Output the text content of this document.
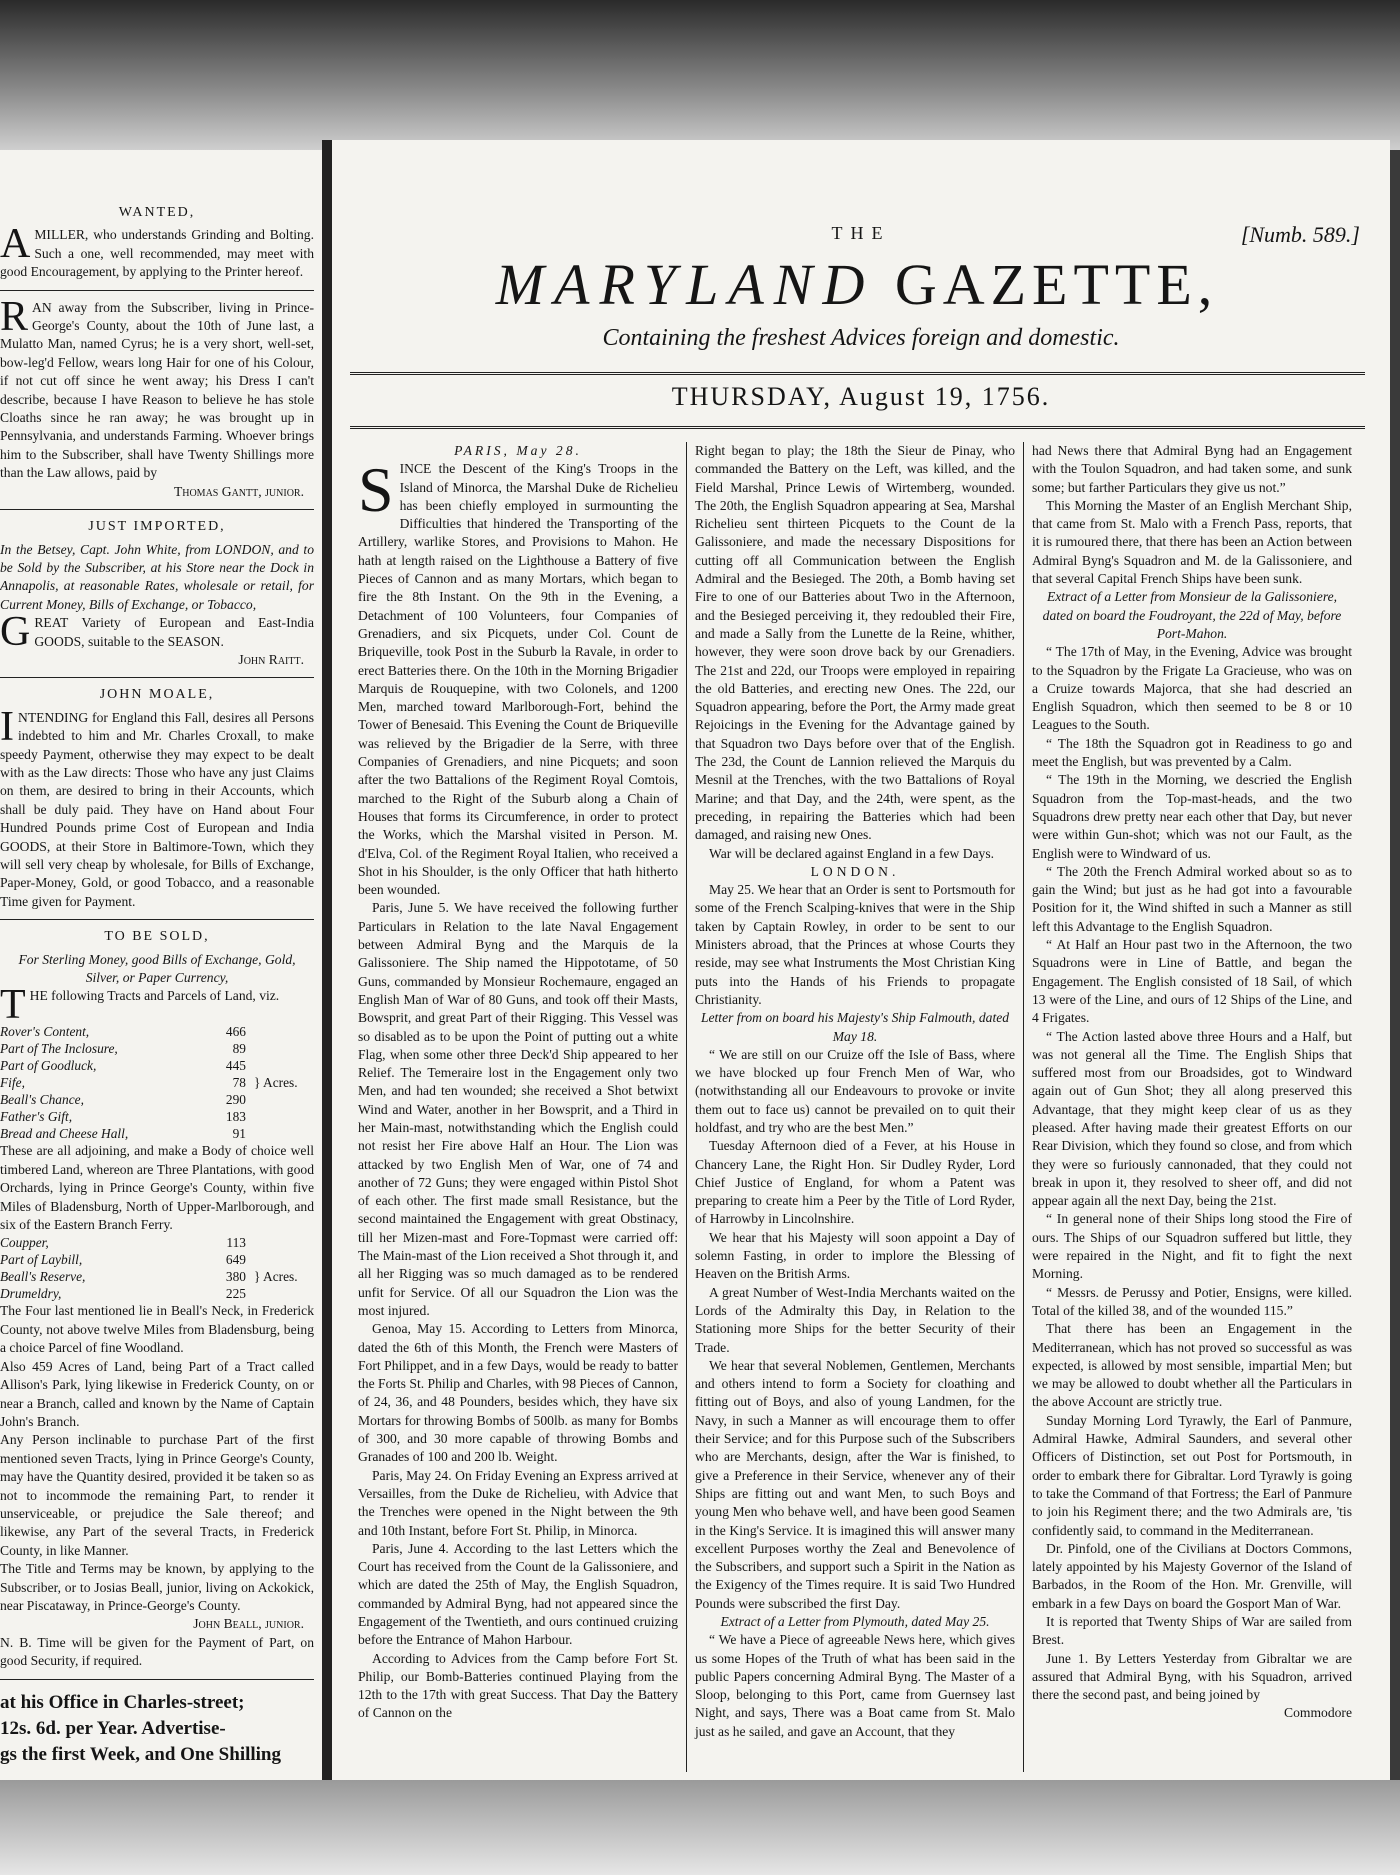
WANTED,

AMILLER, who understands Grinding and Bolting. Such a one, well recommended, may meet with good Encouragement, by applying to the Printer hereof.

RAN away from the Subscriber, living in Prince-George's County, about the 10th of June last, a Mulatto Man, named Cyrus; he is a very short, well-set, bow-leg'd Fellow, wears long Hair for one of his Colour, if not cut off since he went away; his Dress I can't describe, because I have Reason to believe he has stole Cloaths since he ran away; he was brought up in Pennsylvania, and understands Farming. Whoever brings him to the Subscriber, shall have Twenty Shillings more than the Law allows, paid by

Thomas Gantt, junior.

JUST IMPORTED,

In the Betsey, Capt. John White, from LONDON, and to be Sold by the Subscriber, at his Store near the Dock in Annapolis, at reasonable Rates, wholesale or retail, for Current Money, Bills of Exchange, or Tobacco,

GREAT Variety of European and East-India GOODS, suitable to the SEASON.

John Raitt.

JOHN MOALE,

INTENDING for England this Fall, desires all Persons indebted to him and Mr. Charles Croxall, to make speedy Payment, otherwise they may expect to be dealt with as the Law directs: Those who have any just Claims on them, are desired to bring in their Accounts, which shall be duly paid. They have on Hand about Four Hundred Pounds prime Cost of European and India GOODS, at their Store in Baltimore-Town, which they will sell very cheap by wholesale, for Bills of Exchange, Paper-Money, Gold, or good Tobacco, and a reasonable Time given for Payment.

TO BE SOLD,

For Sterling Money, good Bills of Exchange, Gold, Silver, or Paper Currency,

THE following Tracts and Parcels of Land, viz.

Rover's Content,	466	
Part of The Inclosure,	89	
Part of Goodluck,	445	
Fife,	78	} Acres.
Beall's Chance,	290	
Father's Gift,	183	
Bread and Cheese Hall,	91	

These are all adjoining, and make a Body of choice well timbered Land, whereon are Three Plantations, with good Orchards, lying in Prince George's County, within five Miles of Bladensburg, North of Upper-Marlborough, and six of the Eastern Branch Ferry.

Coupper,	113	
Part of Laybill,	649	
Beall's Reserve,	380	} Acres.
Drumeldry,	225	

The Four last mentioned lie in Beall's Neck, in Frederick County, not above twelve Miles from Bladensburg, being a choice Parcel of fine Woodland.

Also 459 Acres of Land, being Part of a Tract called Allison's Park, lying likewise in Frederick County, on or near a Branch, called and known by the Name of Captain John's Branch.

Any Person inclinable to purchase Part of the first mentioned seven Tracts, lying in Prince George's County, may have the Quantity desired, provided it be taken so as not to incommode the remaining Part, to render it unserviceable, or prejudice the Sale thereof; and likewise, any Part of the several Tracts, in Frederick County, in like Manner.

The Title and Terms may be known, by applying to the Subscriber, or to Josias Beall, junior, living on Ackokick, near Piscataway, in Prince-George's County.

John Beall, junior.

N. B. Time will be given for the Payment of Part, on good Security, if required.

at his Office in Charles-street;
12s. 6d. per Year. Advertise-
gs the first Week, and One Shilling
THE	[Numb. 589.]
MARYLAND GAZETTE,
Containing the freshest Advices foreign and domestic.
THURSDAY, August 19, 1756.

PARIS, May 28.

SINCE the Descent of the King's Troops in the Island of Minorca, the Marshal Duke de Richelieu has been chiefly employed in surmounting the Difficulties that hindered the Transporting of the Artillery, warlike Stores, and Provisions to Mahon. He hath at length raised on the Lighthouse a Battery of five Pieces of Cannon and as many Mortars, which began to fire the 8th Instant. On the 9th in the Evening, a Detachment of 100 Volunteers, four Companies of Grenadiers, and six Picquets, under Col. Count de Briqueville, took Post in the Suburb la Ravale, in order to erect Batteries there. On the 10th in the Morning Brigadier Marquis de Rouquepine, with two Colonels, and 1200 Men, marched toward Marlborough-Fort, behind the Tower of Benesaid. This Evening the Count de Briqueville was relieved by the Brigadier de la Serre, with three Companies of Grenadiers, and nine Picquets; and soon after the two Battalions of the Regiment Royal Comtois, marched to the Right of the Suburb along a Chain of Houses that forms its Circumference, in order to protect the Works, which the Marshal visited in Person. M. d'Elva, Col. of the Regiment Royal Italien, who received a Shot in his Shoulder, is the only Officer that hath hitherto been wounded.

Paris, June 5. We have received the following further Particulars in Relation to the late Naval Engagement between Admiral Byng and the Marquis de la Galissoniere. The Ship named the Hippototame, of 50 Guns, commanded by Monsieur Rochemaure, engaged an English Man of War of 80 Guns, and took off their Masts, Bowsprit, and great Part of their Rigging. This Vessel was so disabled as to be upon the Point of putting out a white Flag, when some other three Deck'd Ship appeared to her Relief. The Temeraire lost in the Engagement only two Men, and had ten wounded; she received a Shot betwixt Wind and Water, another in her Bowsprit, and a Third in her Main-mast, notwithstanding which the English could not resist her Fire above Half an Hour. The Lion was attacked by two English Men of War, one of 74 and another of 72 Guns; they were engaged within Pistol Shot of each other. The first made small Resistance, but the second maintained the Engagement with great Obstinacy, till her Mizen-mast and Fore-Topmast were carried off: The Main-mast of the Lion received a Shot through it, and all her Rigging was so much damaged as to be rendered unfit for Service. Of all our Squadron the Lion was the most injured.

Genoa, May 15. According to Letters from Minorca, dated the 6th of this Month, the French were Masters of Fort Philippet, and in a few Days, would be ready to batter the Forts St. Philip and Charles, with 98 Pieces of Cannon, of 24, 36, and 48 Pounders, besides which, they have six Mortars for throwing Bombs of 500lb. as many for Bombs of 300, and 30 more capable of throwing Bombs and Granades of 100 and 200 lb. Weight.

Paris, May 24. On Friday Evening an Express arrived at Versailles, from the Duke de Richelieu, with Advice that the Trenches were opened in the Night between the 9th and 10th Instant, before Fort St. Philip, in Minorca.

Paris, June 4. According to the last Letters which the Court has received from the Count de la Galissoniere, and which are dated the 25th of May, the English Squadron, commanded by Admiral Byng, had not appeared since the Engagement of the Twentieth, and ours continued cruizing before the Entrance of Mahon Harbour.

According to Advices from the Camp before Fort St. Philip, our Bomb-Batteries continued Playing from the 12th to the 17th with great Success. That Day the Battery of Cannon on the

Right began to play; the 18th the Sieur de Pinay, who commanded the Battery on the Left, was killed, and the Field Marshal, Prince Lewis of Wirtemberg, wounded. The 20th, the English Squadron appearing at Sea, Marshal Richelieu sent thirteen Picquets to the Count de la Galissoniere, and made the necessary Dispositions for cutting off all Communication between the English Admiral and the Besieged. The 20th, a Bomb having set Fire to one of our Batteries about Two in the Afternoon, and the Besieged perceiving it, they redoubled their Fire, and made a Sally from the Lunette de la Reine, whither, however, they were soon drove back by our Grenadiers. The 21st and 22d, our Troops were employed in repairing the old Batteries, and erecting new Ones. The 22d, our Squadron appearing, before the Port, the Army made great Rejoicings in the Evening for the Advantage gained by that Squadron two Days before over that of the English. The 23d, the Count de Lannion relieved the Marquis du Mesnil at the Trenches, with the two Battalions of Royal Marine; and that Day, and the 24th, were spent, as the preceding, in repairing the Batteries which had been damaged, and raising new Ones.

War will be declared against England in a few Days.

LONDON.

May 25. We hear that an Order is sent to Portsmouth for some of the French Scalping-knives that were in the Ship taken by Captain Rowley, in order to be sent to our Ministers abroad, that the Princes at whose Courts they reside, may see what Instruments the Most Christian King puts into the Hands of his Friends to propagate Christianity.

Letter from on board his Majesty's Ship Falmouth, dated May 18.

“ We are still on our Cruize off the Isle of Bass, where we have blocked up four French Men of War, who (notwithstanding all our Endeavours to provoke or invite them out to face us) cannot be prevailed on to quit their holdfast, and try who are the best Men.”

Tuesday Afternoon died of a Fever, at his House in Chancery Lane, the Right Hon. Sir Dudley Ryder, Lord Chief Justice of England, for whom a Patent was preparing to create him a Peer by the Title of Lord Ryder, of Harrowby in Lincolnshire.

We hear that his Majesty will soon appoint a Day of solemn Fasting, in order to implore the Blessing of Heaven on the British Arms.

A great Number of West-India Merchants waited on the Lords of the Admiralty this Day, in Relation to the Stationing more Ships for the better Security of their Trade.

We hear that several Noblemen, Gentlemen, Merchants and others intend to form a Society for cloathing and fitting out of Boys, and also of young Landmen, for the Navy, in such a Manner as will encourage them to offer their Service; and for this Purpose such of the Subscribers who are Merchants, design, after the War is finished, to give a Preference in their Service, whenever any of their Ships are fitting out and want Men, to such Boys and young Men who behave well, and have been good Seamen in the King's Service. It is imagined this will answer many excellent Purposes worthy the Zeal and Benevolence of the Subscribers, and support such a Spirit in the Nation as the Exigency of the Times require. It is said Two Hundred Pounds were subscribed the first Day.

Extract of a Letter from Plymouth, dated May 25.

“ We have a Piece of agreeable News here, which gives us some Hopes of the Truth of what has been said in the public Papers concerning Admiral Byng. The Master of a Sloop, belonging to this Port, came from Guernsey last Night, and says, There was a Boat came from St. Malo just as he sailed, and gave an Account, that they

had News there that Admiral Byng had an Engagement with the Toulon Squadron, and had taken some, and sunk some; but farther Particulars they give us not.”

This Morning the Master of an English Merchant Ship, that came from St. Malo with a French Pass, reports, that it is rumoured there, that there has been an Action between Admiral Byng's Squadron and M. de la Galissoniere, and that several Capital French Ships have been sunk.

Extract of a Letter from Monsieur de la Galissoniere, dated on board the Foudroyant, the 22d of May, before Port-Mahon.

“ The 17th of May, in the Evening, Advice was brought to the Squadron by the Frigate La Gracieuse, who was on a Cruize towards Majorca, that she had descried an English Squadron, which then seemed to be 8 or 10 Leagues to the South.

“ The 18th the Squadron got in Readiness to go and meet the English, but was prevented by a Calm.

“ The 19th in the Morning, we descried the English Squadron from the Top-mast-heads, and the two Squadrons drew pretty near each other that Day, but never were within Gun-shot; which was not our Fault, as the English were to Windward of us.

“ The 20th the French Admiral worked about so as to gain the Wind; but just as he had got into a favourable Position for it, the Wind shifted in such a Manner as still left this Advantage to the English Squadron.

“ At Half an Hour past two in the Afternoon, the two Squadrons were in Line of Battle, and began the Engagement. The English consisted of 18 Sail, of which 13 were of the Line, and ours of 12 Ships of the Line, and 4 Frigates.

“ The Action lasted above three Hours and a Half, but was not general all the Time. The English Ships that suffered most from our Broadsides, got to Windward again out of Gun Shot; they all along preserved this Advantage, that they might keep clear of us as they pleased. After having made their greatest Efforts on our Rear Division, which they found so close, and from which they were so furiously cannonaded, that they could not break in upon it, they resolved to sheer off, and did not appear again all the next Day, being the 21st.

“ In general none of their Ships long stood the Fire of ours. The Ships of our Squadron suffered but little, they were repaired in the Night, and fit to fight the next Morning.

“ Messrs. de Perussy and Potier, Ensigns, were killed. Total of the killed 38, and of the wounded 115.”

That there has been an Engagement in the Mediterranean, which has not proved so successful as was expected, is allowed by most sensible, impartial Men; but we may be allowed to doubt whether all the Particulars in the above Account are strictly true.

Sunday Morning Lord Tyrawly, the Earl of Panmure, Admiral Hawke, Admiral Saunders, and several other Officers of Distinction, set out Post for Portsmouth, in order to embark there for Gibraltar. Lord Tyrawly is going to take the Command of that Fortress; the Earl of Panmure to join his Regiment there; and the two Admirals are, 'tis confidently said, to command in the Mediterranean.

Dr. Pinfold, one of the Civilians at Doctors Commons, lately appointed by his Majesty Governor of the Island of Barbados, in the Room of the Hon. Mr. Grenville, will embark in a few Days on board the Gosport Man of War.

It is reported that Twenty Ships of War are sailed from Brest.

June 1. By Letters Yesterday from Gibraltar we are assured that Admiral Byng, with his Squadron, arrived there the second past, and being joined by

Commodore
